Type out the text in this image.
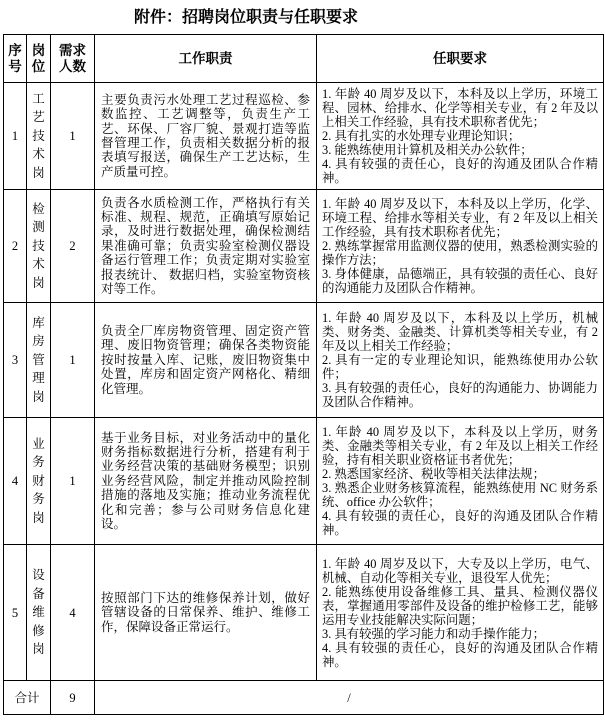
附件：招聘岗位职责与任职要求
序号	岗位	需求人数	工作职责	任职要求

1	工艺技术岗	1	主要负责污水处理工艺过程巡检、参数监控、工艺调整等，负责生产工艺、环保、厂容厂貌、景观打造等监督管理工作，负责相关数据分析的报表填写报送，确保生产工艺达标，生产质量可控。	1. 年龄 40 周岁及以下，本科及以上学历，环境工程、园林、给排水、化学等相关专业，有 2 年及以上相关工作经验，具有技术职称者优先；

2. 具有扎实的水处理专业理论知识；

3. 能熟练使用计算机及相关办公软件；

4. 具有较强的责任心，良好的沟通及团队合作精神。

2	检测技术岗	2	负责各水质检测工作，严格执行有关标准、规程、规范，正确填写原始记录，及时进行数据处理，确保检测结果准确可靠；负责实验室检测仪器设备运行管理工作；负责定期对实验室报表统计、 数据归档，实验室物资核对等工作。	1. 年龄 40 周岁及以下，本科及以上学历，化学、环境工程、给排水等相关专业，有 2 年及以上相关工作经验，具有技术职称者优先；

2. 熟练掌握常用监测仪器的使用，熟悉检测实验的操作方法；

3. 身体健康，品德端正，具有较强的责任心、良好的沟通能力及团队合作精神。

3	库房管理岗	1	负责全厂库房物资管理、固定资产管理、废旧物资管理；确保各类物资能按时按量入库、记账，废旧物资集中处置，库房和固定资产网格化、精细化管理。	1. 年龄 40 周岁及以下，本科及以上学历，机械类、财务类、金融类、计算机类等相关专业，有 2 年及以上相关工作经验；

2. 具有一定的专业理论知识，能熟练使用办公软件；

3. 具有较强的责任心，良好的沟通能力、协调能力及团队合作精神。

4	业务财务岗	1	基于业务目标，对业务活动中的量化财务指标数据进行分析，搭建有利于业务经营决策的基础财务模型；识别业务经营风险，制定并推动风险控制措施的落地及实施；推动业务流程优化和完善；参与公司财务信息化建设。	1. 年龄 40 周岁及以下，本科及以上学历，财务类、金融类等相关专业，有 2 年及以上相关工作经验，持有相关职业资格证书者优先；

2. 熟悉国家经济、税收等相关法律法规；

3. 熟悉企业财务核算流程，能熟练使用 NC 财务系统、office 办公软件；

4. 具有较强的责任心，良好的沟通及团队合作精神。

5	设备维修岗	4	按照部门下达的维修保养计划，做好管辖设备的日常保养、维护、维修工作，保障设备正常运行。	1. 年龄 40 周岁及以下，大专及以上学历，电气、机械、自动化等相关专业，退役军人优先；

2. 能熟练使用设备维修工具、量具、检测仪器仪表，掌握通用零部件及设备的维护检修工艺，能够运用专业技能解决实际问题；

3. 具有较强的学习能力和动手操作能力；

4. 具有较强的责任心，良好的沟通及团队合作精神。

合计		9	/	
